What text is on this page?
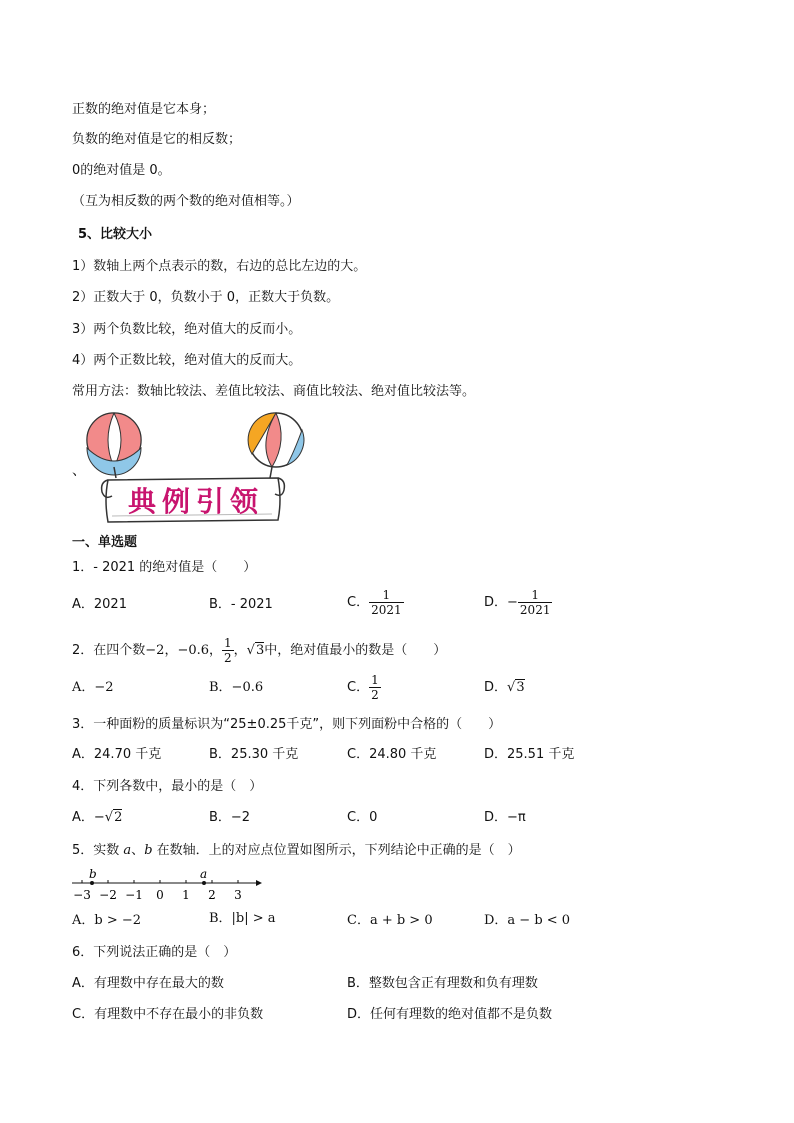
正数的绝对值是它本身；
负数的绝对值是它的相反数；
0的绝对值是 0。
（互为相反数的两个数的绝对值相等。）
5、比较大小
1）数轴上两个点表示的数，右边的总比左边的大。
2）正数大于 0，负数小于 0，正数大于负数。
3）两个负数比较，绝对值大的反而小。
4）两个正数比较，绝对值大的反而大。
常用方法：数轴比较法、差值比较法、商值比较法、绝对值比较法等。
、
典例引领
一、单选题
1．- 2021 的绝对值是（　　）
A．2021	B．- 2021	C． $\frac{1}{2021}$	D．− $\frac{1}{2021}$
2．在四个数−2，−0.6， $\frac{1}{2}$ ，√3中，绝对值最小的数是（　　）
A．−2	B．−0.6	C． $\frac{1}{2}$	D．√3
3．一种面粉的质量标识为“25±0.25千克”，则下列面粉中合格的（　　）
A．24.70 千克	B．25.30 千克	C．24.80 千克	D．25.51 千克
4．下列各数中，最小的是（　）
A．−√2	B．−2	C．0	D．−π
5．实数 a、b 在数轴．上的对应点位置如图所示，下列结论中正确的是（　）
b	a
−3 −2 −1 0 1 2 3
A．b > −2	B．|b| > a	C．a + b > 0	D．a − b < 0
6．下列说法正确的是（　）
A．有理数中存在最大的数	B．整数包含正有理数和负有理数
C．有理数中不存在最小的非负数	D．任何有理数的绝对值都不是负数
